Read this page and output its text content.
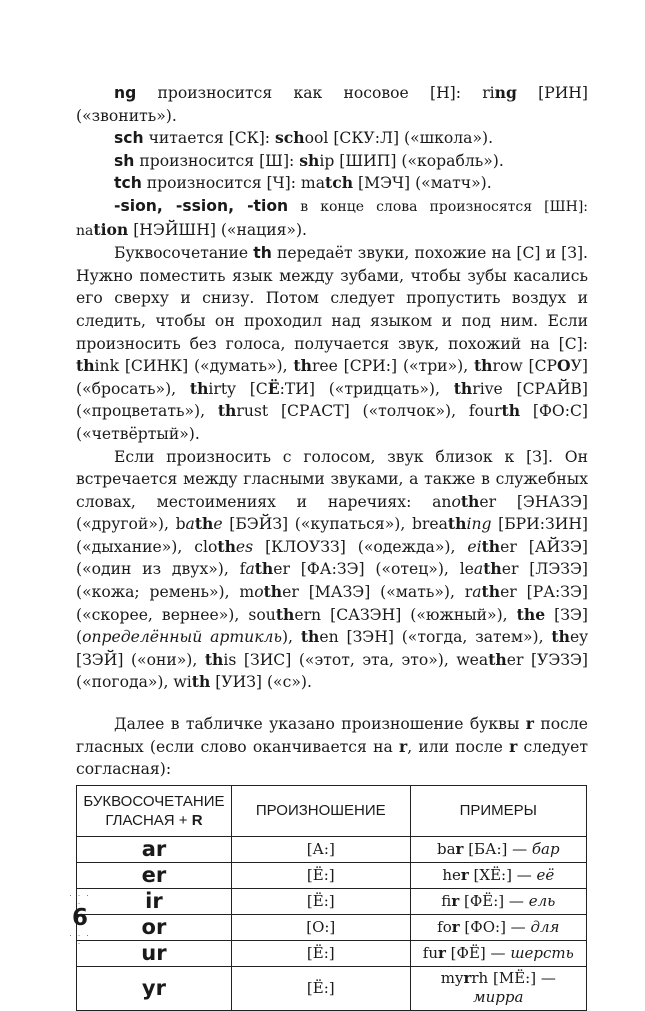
ng произносится как носовое [Н]: ring [РИН] («звонить»).

sch читается [СК]: school [СКУ:Л] («школа»).

sh произносится [Ш]: ship [ШИП] («корабль»).

tch произносится [Ч]: match [МЭЧ] («матч»).

-sion, -ssion, -tion в конце слова произносятся [ШН]: nation [НЭЙШН] («нация»).

Буквосочетание th передаёт звуки, похожие на [С] и [З]. Нужно поместить язык между зубами, чтобы зубы касались его сверху и снизу. Потом следует пропустить воздух и следить, чтобы он проходил над языком и под ним. Если произносить без голоса, получается звук, похожий на [С]: think [СИНК] («думать»), three [СРИ:] («три»), throw [СРОУ] («бросать»), thirty [СЁ:ТИ] («тридцать»), thrive [СРАЙВ] («процветать»), thrust [СРАСТ] («толчок»), fourth [ФО:С] («четвёртый»).

Если произносить с голосом, звук близок к [З]. Он встречается между гласными звуками, а также в служебных словах, местоимениях и наречиях: another [ЭНАЗЭ] («другой»), bathe [БЭЙЗ] («купаться»), breathing [БРИ:ЗИН] («дыхание»), clothes [КЛОУЗЗ] («одежда»), either [АЙЗЭ] («один из двух»), father [ФА:ЗЭ] («отец»), leather [ЛЭЗЭ] («кожа; ремень»), mother [МАЗЭ] («мать»), rather [РА:ЗЭ] («скорее, вернее»), southern [САЗЭН] («южный»), the [ЗЭ] (определённый артикль), then [ЗЭН] («тогда, затем»), they [ЗЭЙ] («они»), this [ЗИС] («этот, эта, это»), weather [УЭЗЭ] («погода»), with [УИЗ] («с»).

Далее в табличке указано произношение буквы r после гласных (если слово оканчивается на r, или после r следует согласная):

БУКВОСОЧЕТАНИЕ
ГЛАСНАЯ + R	ПРОИЗНОШЕНИЕ	ПРИМЕРЫ
ar	[А:]	bar [БА:] — бар
er	[Ё:]	her [ХЁ:] — её
ir	[Ё:]	fir [ФЁ:] — ель
or	[О:]	for [ФО:] — для
ur	[Ё:]	fur [ФЁ] — шерсть
yr	[Ё:]	myrrh [МЁ:] —
мирра
. . . .
6
. . . .
